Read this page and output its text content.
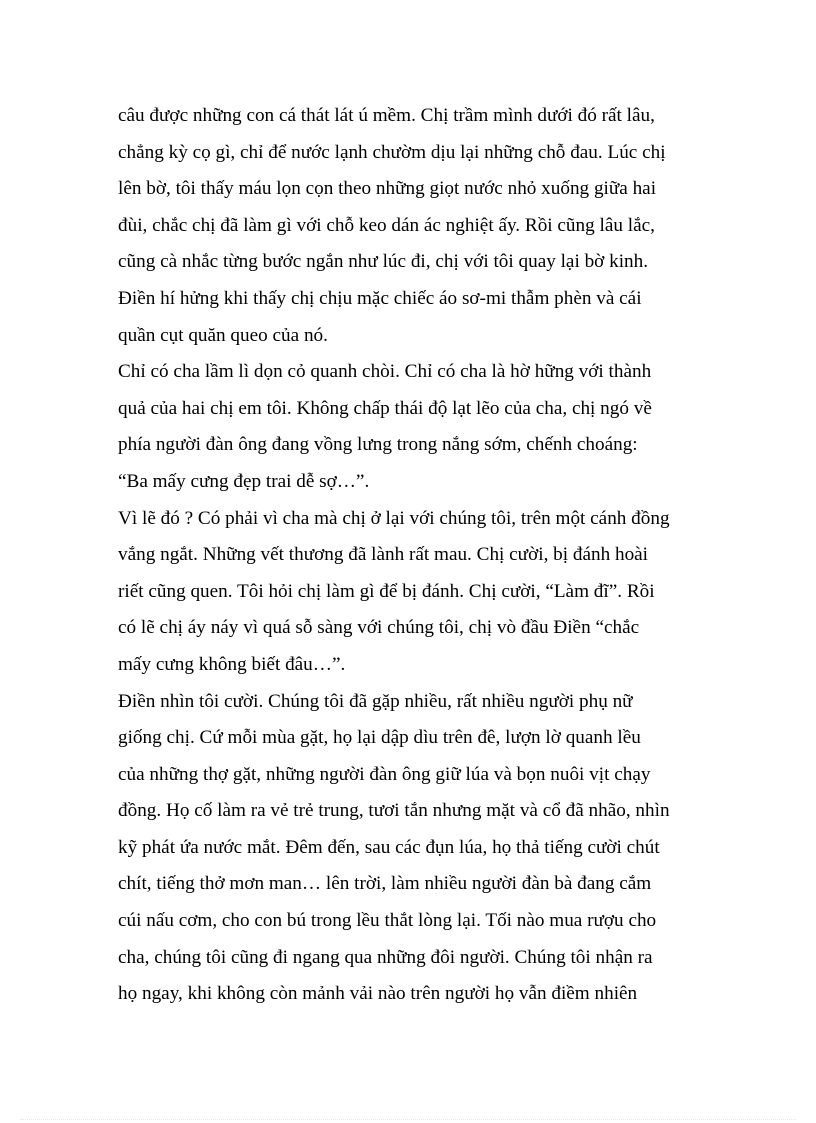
câu được những con cá thát lát ú mềm. Chị trầm mình dưới đó rất lâu,
chẳng kỳ cọ gì, chỉ để nước lạnh chườm dịu lại những chỗ đau. Lúc chị
lên bờ, tôi thấy máu lọn cọn theo những giọt nước nhỏ xuống giữa hai
đùi, chắc chị đã làm gì với chỗ keo dán ác nghiệt ấy. Rồi cũng lâu lắc,
cũng cà nhắc từng bước ngắn như lúc đi, chị với tôi quay lại bờ kinh.
Điền hí hửng khi thấy chị chịu mặc chiếc áo sơ-mi thẫm phèn và cái
quần cụt quăn queo của nó.
Chỉ có cha lầm lì dọn cỏ quanh chòi. Chỉ có cha là hờ hững với thành
quả của hai chị em tôi. Không chấp thái độ lạt lẽo của cha, chị ngó về
phía người đàn ông đang vồng lưng trong nắng sớm, chếnh choáng:
“Ba mấy cưng đẹp trai dễ sợ…”.
Vì lẽ đó ? Có phải vì cha mà chị ở lại với chúng tôi, trên một cánh đồng
vắng ngắt. Những vết thương đã lành rất mau. Chị cười, bị đánh hoài
riết cũng quen. Tôi hỏi chị làm gì để bị đánh. Chị cười, “Làm đĩ”. Rồi
có lẽ chị áy náy vì quá sỗ sàng với chúng tôi, chị vò đầu Điền “chắc
mấy cưng không biết đâu…”.
Điền nhìn tôi cười. Chúng tôi đã gặp nhiều, rất nhiều người phụ nữ
giống chị. Cứ mỗi mùa gặt, họ lại dập dìu trên đê, lượn lờ quanh lều
của những thợ gặt, những người đàn ông giữ lúa và bọn nuôi vịt chạy
đồng. Họ cố làm ra vẻ trẻ trung, tươi tắn nhưng mặt và cổ đã nhão, nhìn
kỹ phát ứa nước mắt. Đêm đến, sau các đụn lúa, họ thả tiếng cười chút
chít, tiếng thở mơn man… lên trời, làm nhiều người đàn bà đang cắm
cúi nấu cơm, cho con bú trong lều thắt lòng lại. Tối nào mua rượu cho
cha, chúng tôi cũng đi ngang qua những đôi người. Chúng tôi nhận ra
họ ngay, khi không còn mảnh vải nào trên người họ vẫn điềm nhiên
